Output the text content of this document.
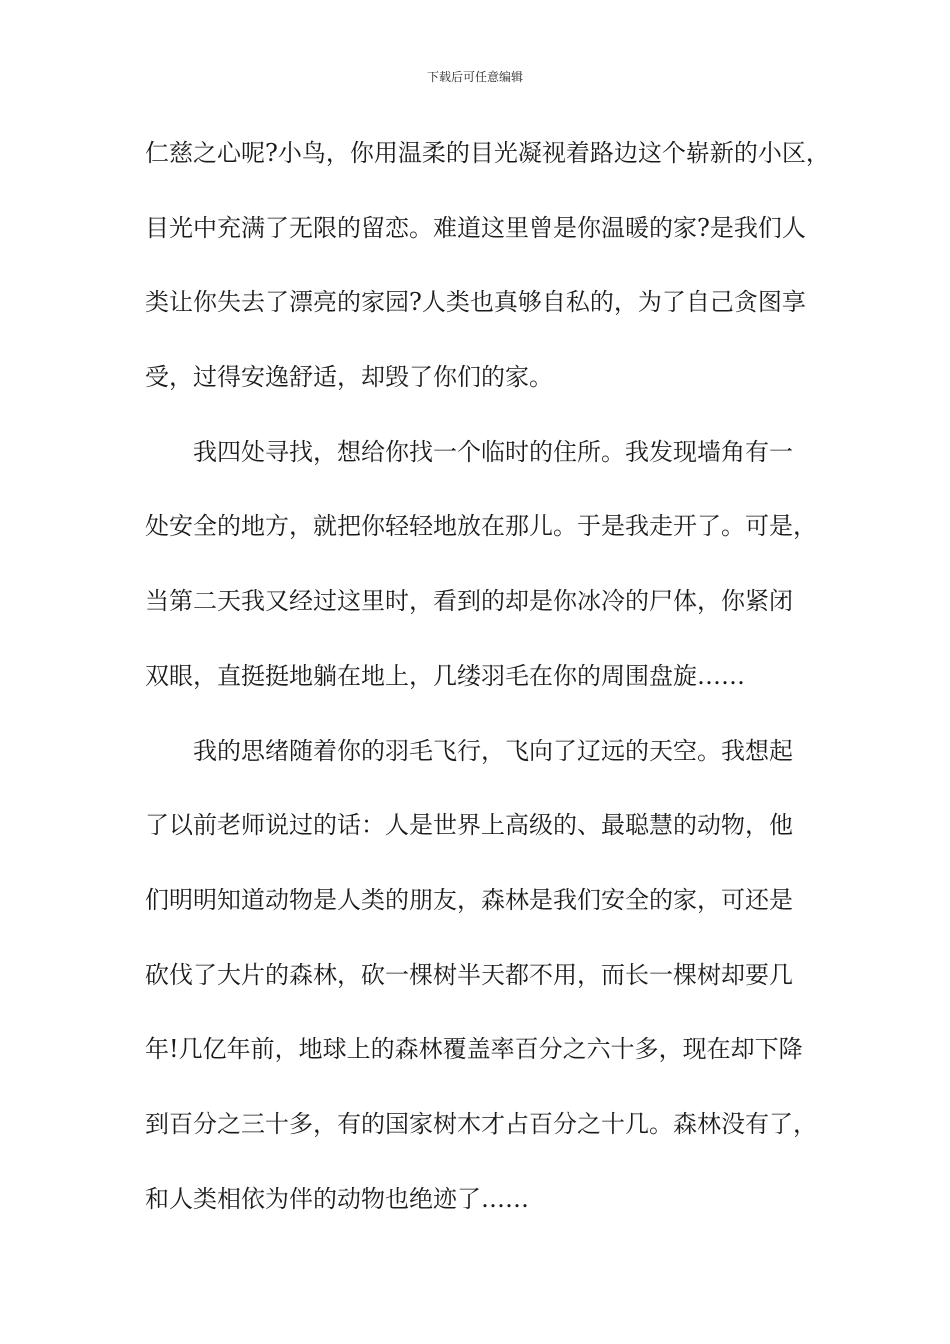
下载后可任意编辑
仁慈之心呢?小鸟，你用温柔的目光凝视着路边这个崭新的小区，
目光中充满了无限的留恋。难道这里曾是你温暖的家?是我们人
类让你失去了漂亮的家园?人类也真够自私的，为了自己贪图享
受，过得安逸舒适，却毁了你们的家。
我四处寻找，想给你找一个临时的住所。我发现墙角有一
处安全的地方，就把你轻轻地放在那儿。于是我走开了。可是，
当第二天我又经过这里时，看到的却是你冰冷的尸体，你紧闭
双眼，直挺挺地躺在地上，几缕羽毛在你的周围盘旋……
我的思绪随着你的羽毛飞行，飞向了辽远的天空。我想起
了以前老师说过的话：人是世界上高级的、最聪慧的动物，他
们明明知道动物是人类的朋友，森林是我们安全的家，可还是
砍伐了大片的森林，砍一棵树半天都不用，而长一棵树却要几
年!几亿年前，地球上的森林覆盖率百分之六十多，现在却下降
到百分之三十多，有的国家树木才占百分之十几。森林没有了，
和人类相依为伴的动物也绝迹了……
